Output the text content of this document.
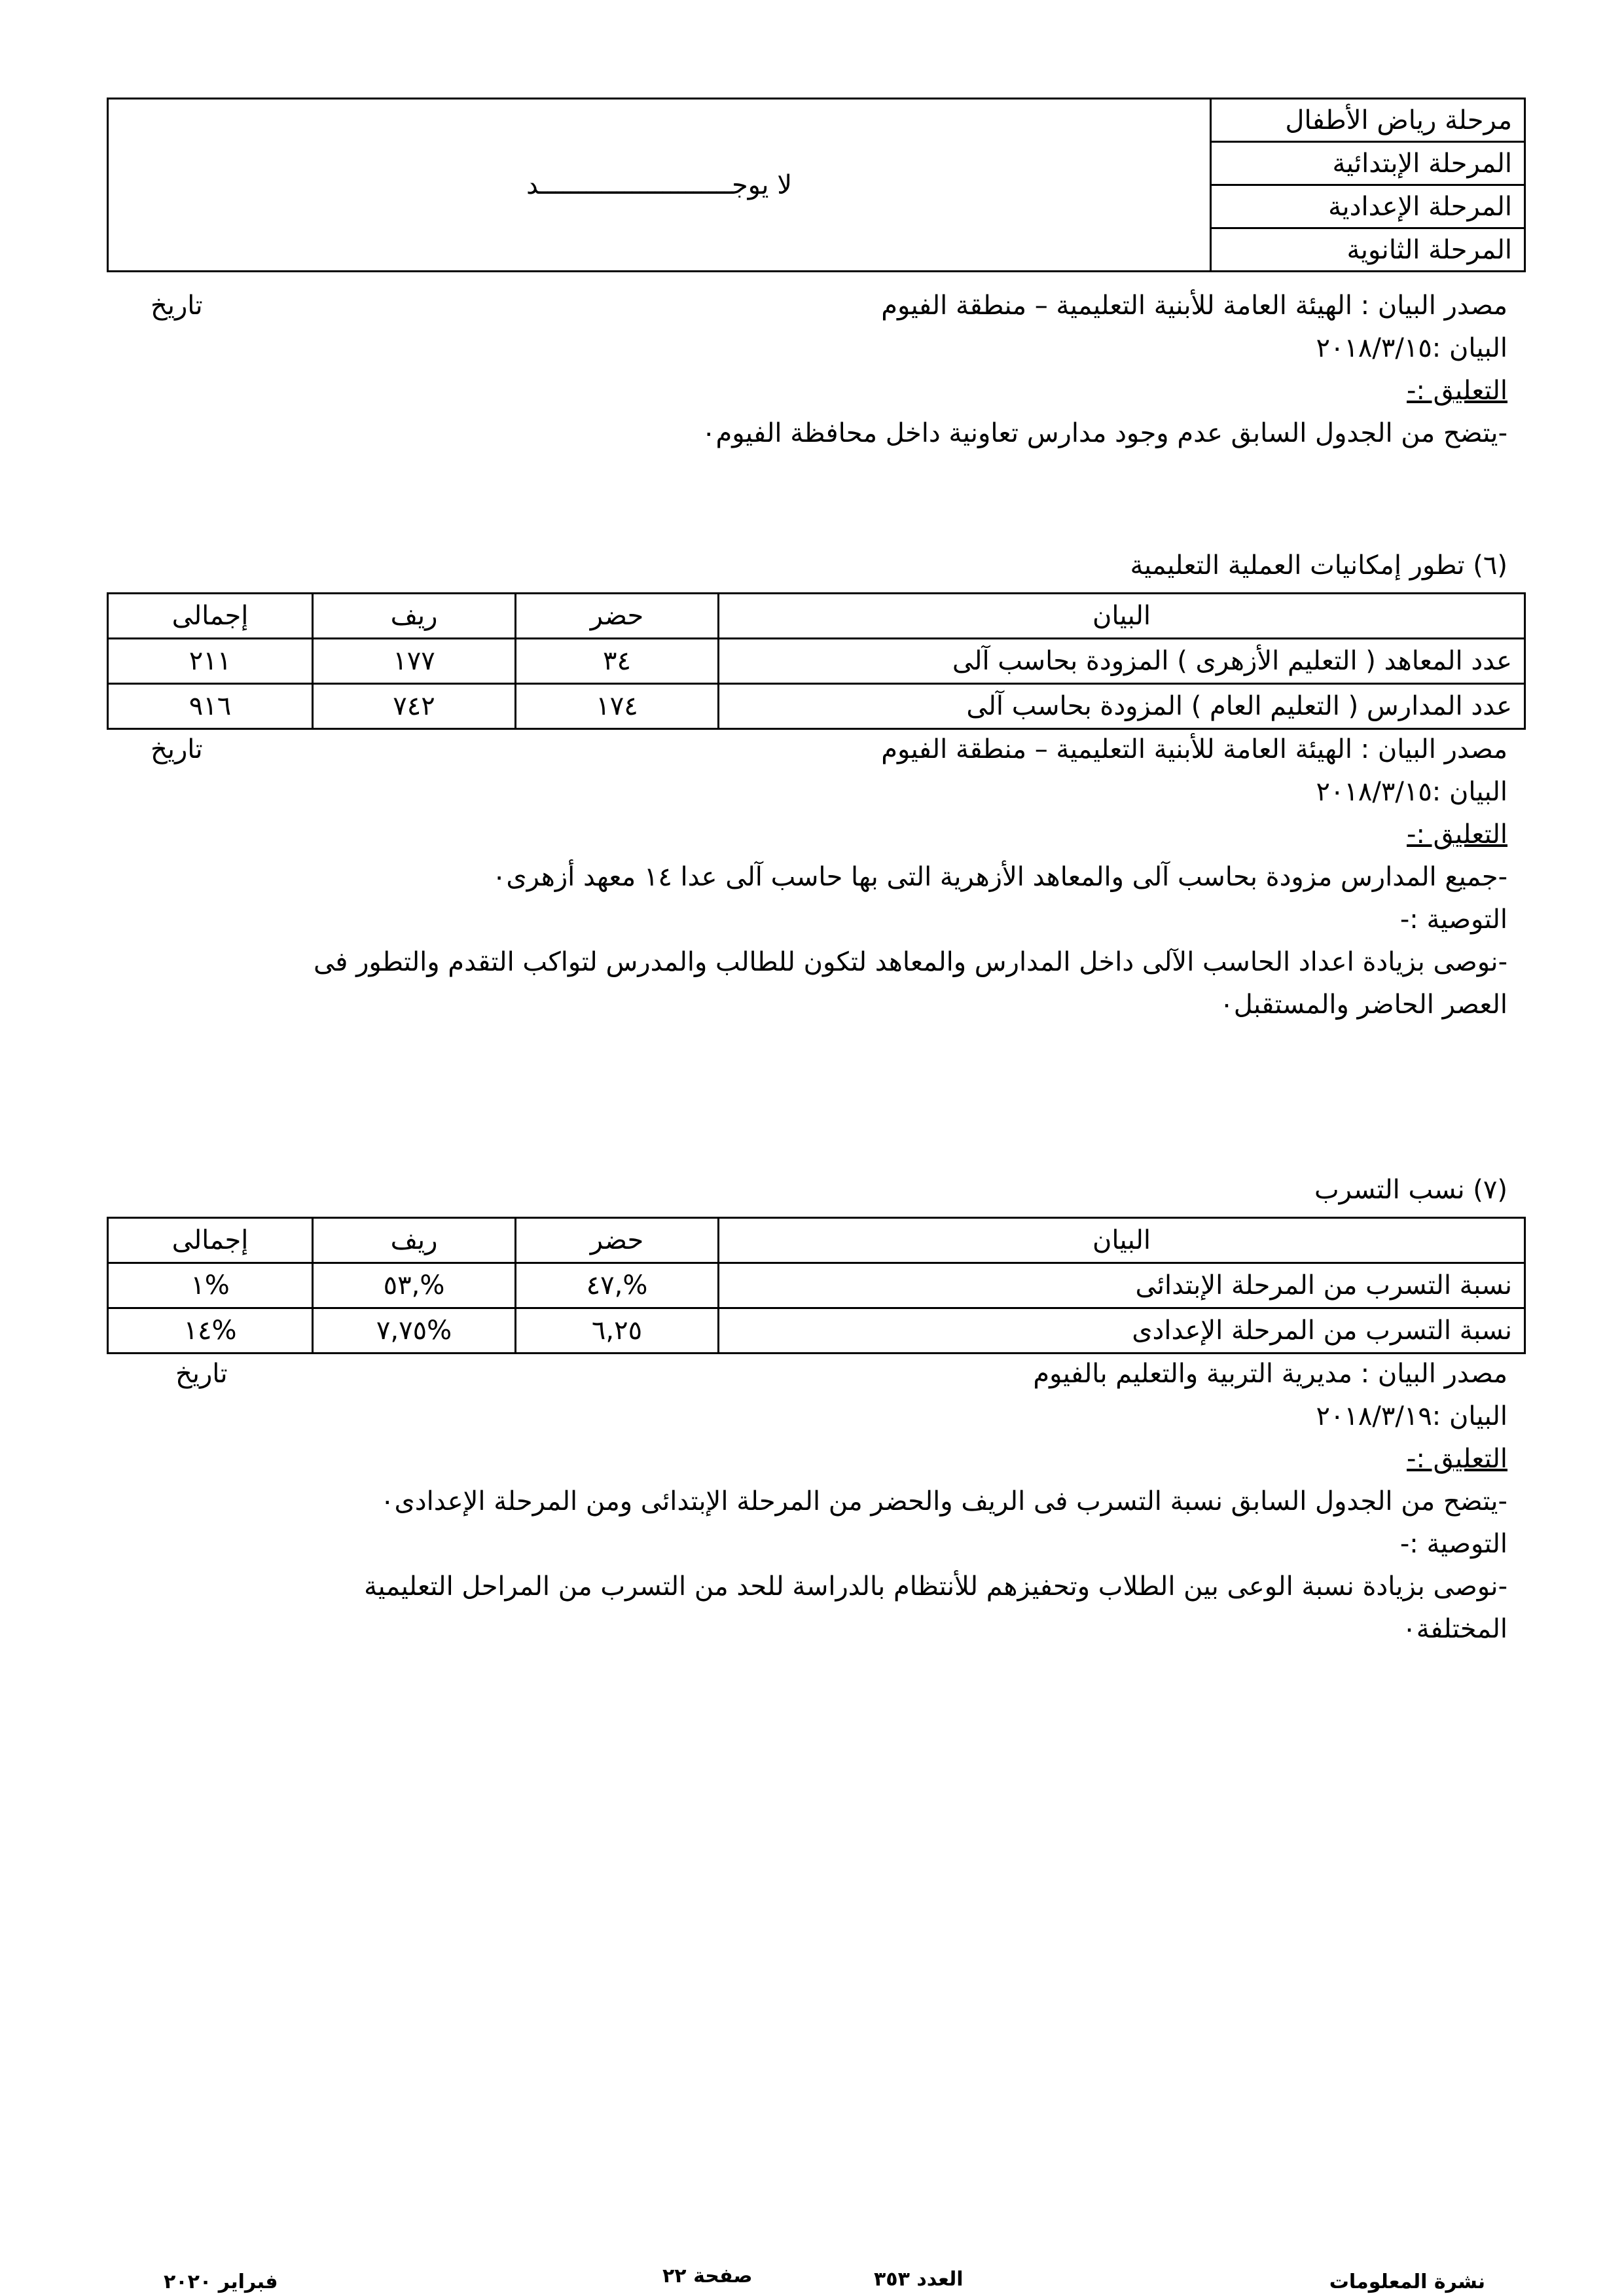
مرحلة رياض الأطفال	لا يوجـــــــــــــــــــــــــد
المرحلة الإبتدائية
المرحلة الإعدادية
المرحلة الثانوية
مصدر البيان : الهيئة العامة للأبنية التعليمية – منطقة الفيوم
تاريخ
البيان :٢٠١٨/٣/١٥
التعليق :-
-يتضح من الجدول السابق عدم وجود مدارس تعاونية داخل محافظة الفيوم٠
(٦) تطور إمكانيات العملية التعليمية
البيان	حضر	ريف	إجمالى
عدد المعاهد ( التعليم الأزهرى ) المزودة بحاسب آلى	٣٤	١٧٧	٢١١
عدد المدارس ( التعليم العام ) المزودة بحاسب آلى	١٧٤	٧٤٢	٩١٦
مصدر البيان : الهيئة العامة للأبنية التعليمية – منطقة الفيوم
تاريخ
البيان :٢٠١٨/٣/١٥
التعليق :-
-جميع المدارس مزودة بحاسب آلى والمعاهد الأزهرية التى بها حاسب آلى عدا ١٤ معهد أزهرى٠
التوصية :-
-نوصى بزيادة اعداد الحاسب الآلى داخل المدارس والمعاهد لتكون للطالب والمدرس لتواكب التقدم والتطور فى
العصر الحاضر والمستقبل٠
(٧) نسب التسرب
البيان	حضر	ريف	إجمالى
نسبة التسرب من المرحلة الإبتدائى	%,٤٧	%,٥٣	%١
نسبة التسرب من المرحلة الإعدادى	٦,٢٥	%٧,٧٥	%١٤
مصدر البيان : مديرية التربية والتعليم بالفيوم
تاريخ
البيان :٢٠١٨/٣/١٩
التعليق :-
-يتضح من الجدول السابق نسبة التسرب فى الريف والحضر من المرحلة الإبتدائى ومن المرحلة الإعدادى٠
التوصية :-
-نوصى بزيادة نسبة الوعى بين الطلاب وتحفيزهم للأنتظام بالدراسة للحد من التسرب من المراحل التعليمية
المختلفة٠
نشرة المعلومات
العدد ٣٥٣
صفحة ٢٢
فبراير ٢٠٢٠
